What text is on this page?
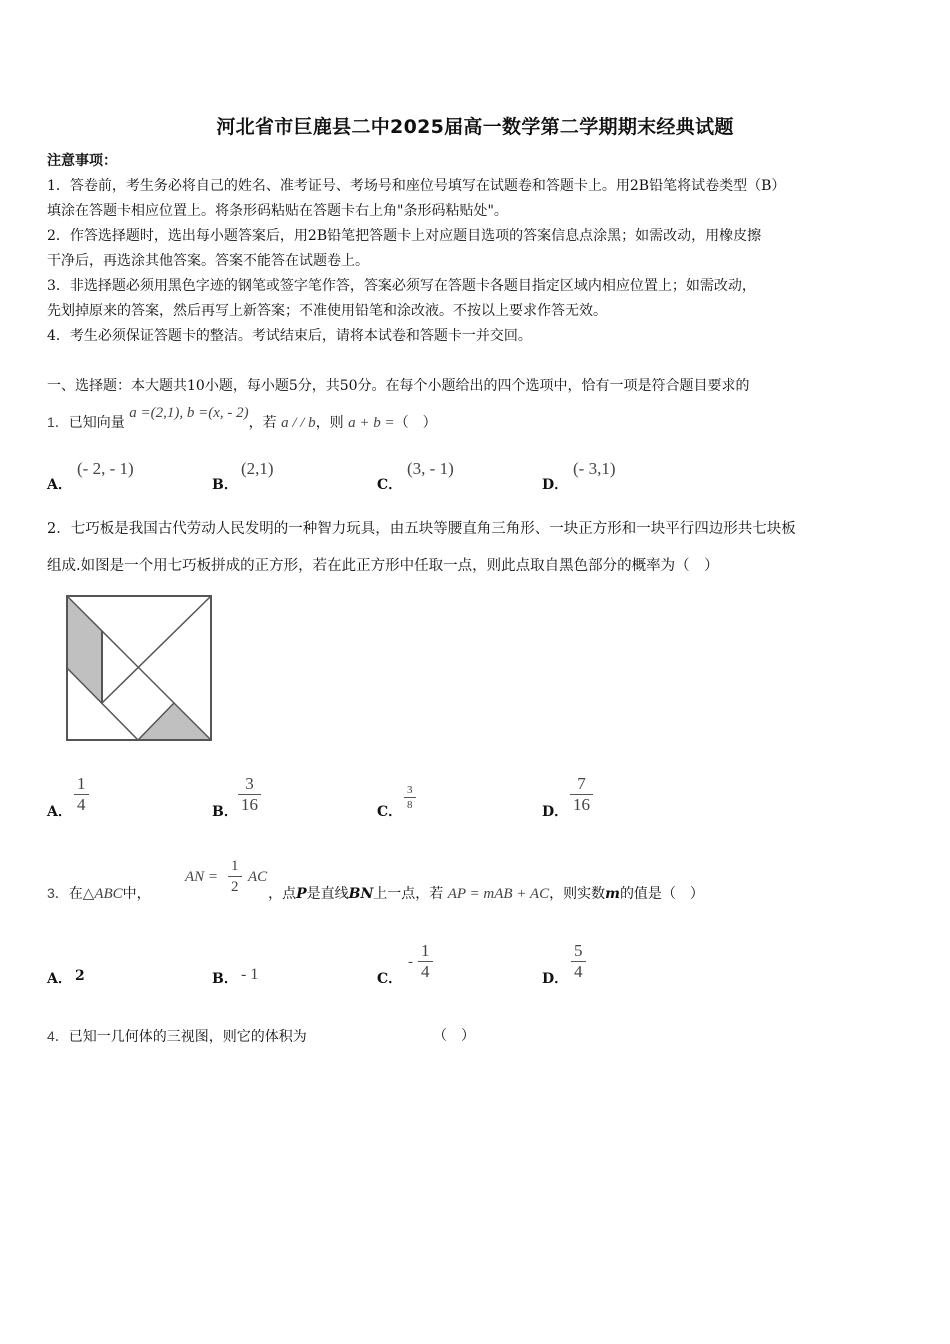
河北省市巨鹿县二中2025届高一数学第二学期期末经典试题
注意事项：
1．答卷前，考生务必将自己的姓名、准考证号、考场号和座位号填写在试题卷和答题卡上。用2B铅笔将试卷类型（B）
填涂在答题卡相应位置上。将条形码粘贴在答题卡右上角"条形码粘贴处"。
2．作答选择题时，选出每小题答案后，用2B铅笔把答题卡上对应题目选项的答案信息点涂黑；如需改动，用橡皮擦
干净后，再选涂其他答案。答案不能答在试题卷上。
3．非选择题必须用黑色字迹的钢笔或签字笔作答，答案必须写在答题卡各题目指定区域内相应位置上；如需改动，
先划掉原来的答案，然后再写上新答案；不准使用铅笔和涂改液。不按以上要求作答无效。
4．考生必须保证答题卡的整洁。考试结束后，请将本试卷和答题卡一并交回。
一、选择题：本大题共10小题，每小题5分，共50分。在每个小题给出的四个选项中，恰有一项是符合题目要求的
1．已知向量 a =(2,1), b =(x, - 2)，若 a / / b，则 a + b =（　）
A．
(- 2, - 1)
B．
(2,1)
C．
(3, - 1)
D．
(- 3,1)
2．七巧板是我国古代劳动人民发明的一种智力玩具，由五块等腰直角三角形、一块正方形和一块平行四边形共七块板
组成.如图是一个用七巧板拼成的正方形，若在此正方形中任取一点，则此点取自黑色部分的概率为（　）
A． $\frac{1}{4}$	B． $\frac{3}{16}$	C． $\frac{3}{8}$	D． $\frac{7}{16}$
3．在△ABC中，	，点P是直线BN上一点，若 AP = mAB + AC，则实数m的值是（　）
AN = $\frac{1}{2}$ AC
A． 2	B． - 1	C．
- $\frac{1}{4}$	D． $\frac{5}{4}$
4．已知一几何体的三视图，则它的体积为	（　）
